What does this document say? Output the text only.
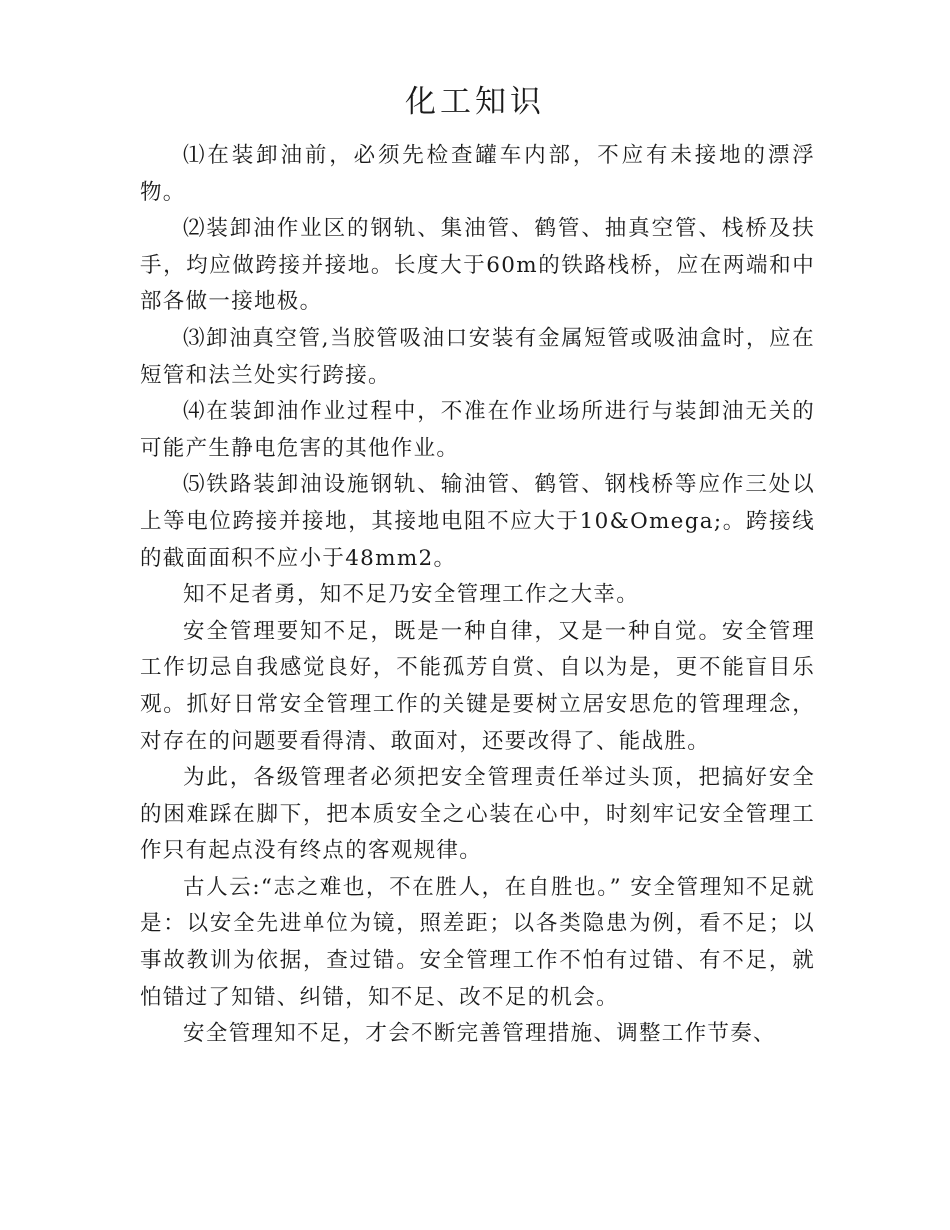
化工知识

⑴在装卸油前，必须先检查罐车内部，不应有未接地的漂浮物。

⑵装卸油作业区的钢轨、集油管、鹤管、抽真空管、栈桥及扶手，均应做跨接并接地。长度大于60m的铁路栈桥，应在两端和中部各做一接地极。

⑶卸油真空管,当胶管吸油口安装有金属短管或吸油盒时，应在短管和法兰处实行跨接。

⑷在装卸油作业过程中，不准在作业场所进行与装卸油无关的可能产生静电危害的其他作业。

⑸铁路装卸油设施钢轨、输油管、鹤管、钢栈桥等应作三处以上等电位跨接并接地，其接地电阻不应大于10&Omega;。跨接线的截面面积不应小于48mm2。

知不足者勇，知不足乃安全管理工作之大幸。

安全管理要知不足，既是一种自律，又是一种自觉。安全管理工作切忌自我感觉良好，不能孤芳自赏、自以为是，更不能盲目乐观。抓好日常安全管理工作的关键是要树立居安思危的管理理念，对存在的问题要看得清、敢面对，还要改得了、能战胜。

为此，各级管理者必须把安全管理责任举过头顶，把搞好安全的困难踩在脚下，把本质安全之心装在心中，时刻牢记安全管理工作只有起点没有终点的客观规律。

古人云:“志之难也，不在胜人，在自胜也。” 安全管理知不足就是：以安全先进单位为镜，照差距；以各类隐患为例，看不足；以事故教训为依据，查过错。安全管理工作不怕有过错、有不足，就怕错过了知错、纠错，知不足、改不足的机会。

安全管理知不足，才会不断完善管理措施、调整工作节奏、
